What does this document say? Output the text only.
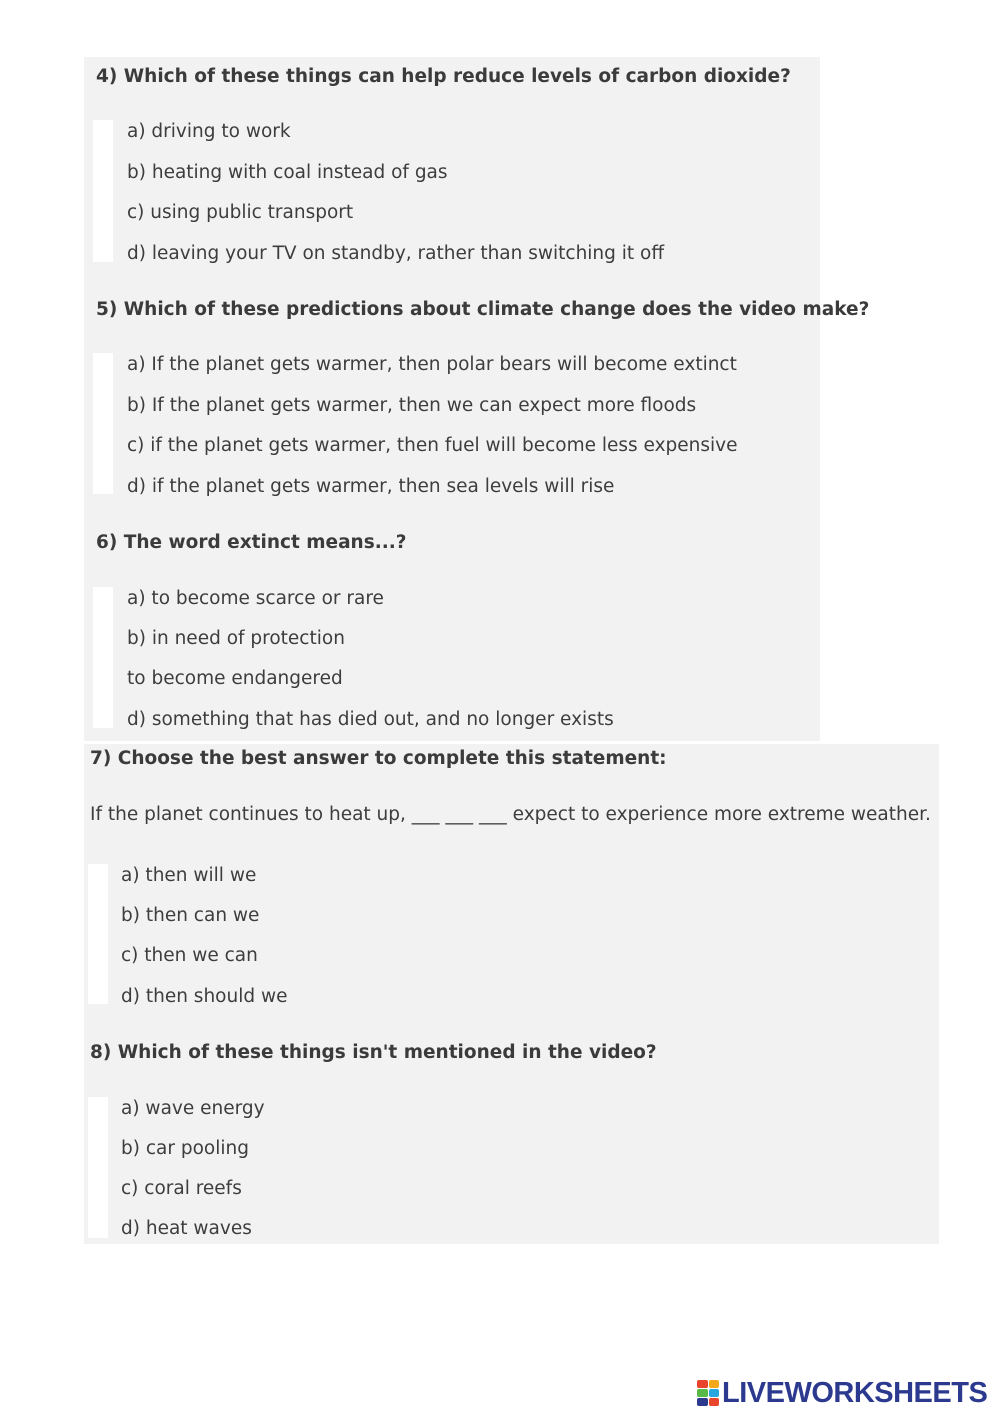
4) Which of these things can help reduce levels of carbon dioxide?
a) driving to work
b) heating with coal instead of gas
c) using public transport
d) leaving your TV on standby, rather than switching it off
5) Which of these predictions about climate change does the video make?
a) If the planet gets warmer, then polar bears will become extinct
b) If the planet gets warmer, then we can expect more floods
c) if the planet gets warmer, then fuel will become less expensive
d) if the planet gets warmer, then sea levels will rise
6) The word extinct means...?
a) to become scarce or rare
b) in need of protection
to become endangered
d) something that has died out, and no longer exists
7) Choose the best answer to complete this statement:
If the planet continues to heat up, ___ ___ ___ expect to experience more extreme weather.
a) then will we
b) then can we
c) then we can
d) then should we
8) Which of these things isn't mentioned in the video?
a) wave energy
b) car pooling
c) coral reefs
d) heat waves
LIVEWORKSHEETS
